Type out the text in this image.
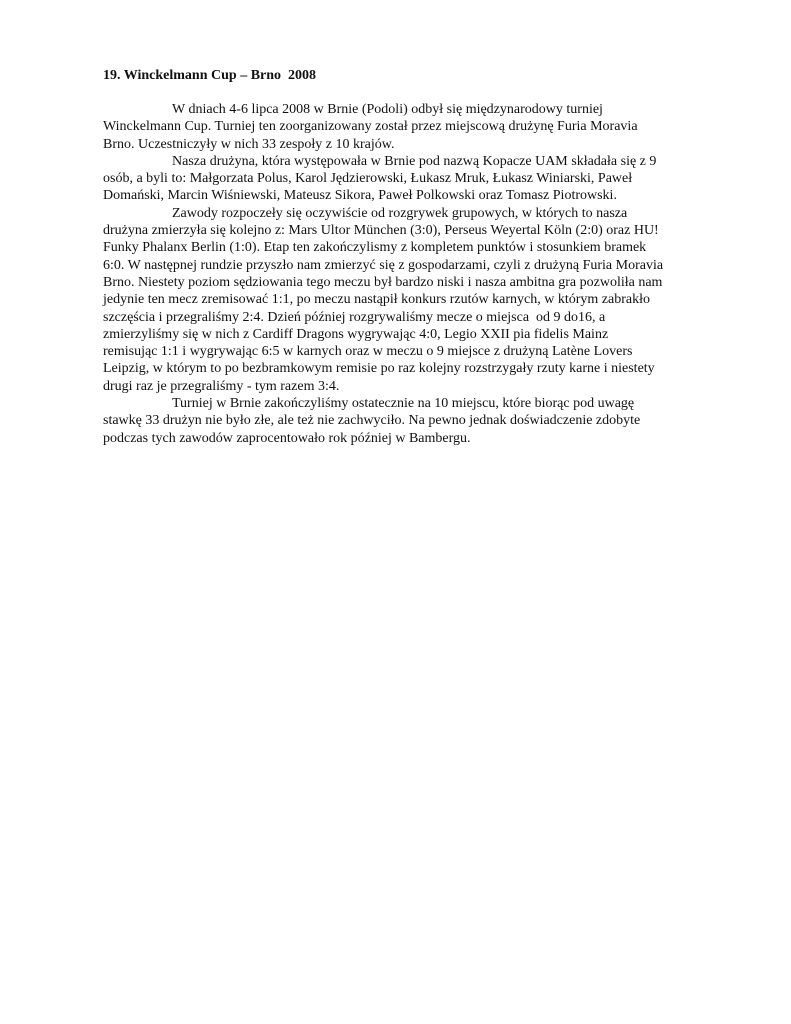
19. Winckelmann Cup – Brno  2008
W dniach 4-6 lipca 2008 w Brnie (Podoli) odbył się międzynarodowy turniej
Winckelmann Cup. Turniej ten zoorganizowany został przez miejscową drużynę Furia Moravia
Brno. Uczestniczyły w nich 33 zespoły z 10 krajów.
Nasza drużyna, która występowała w Brnie pod nazwą Kopacze UAM składała się z 9
osób, a byli to: Małgorzata Polus, Karol Jędzierowski, Łukasz Mruk, Łukasz Winiarski, Paweł
Domański, Marcin Wiśniewski, Mateusz Sikora, Paweł Polkowski oraz Tomasz Piotrowski.
Zawody rozpoczeły się oczywiście od rozgrywek grupowych, w których to nasza
drużyna zmierzyła się kolejno z: Mars Ultor München (3:0), Perseus Weyertal Köln (2:0) oraz HU!
Funky Phalanx Berlin (1:0). Etap ten zakończylismy z kompletem punktów i stosunkiem bramek
6:0. W następnej rundzie przyszło nam zmierzyć się z gospodarzami, czyli z drużyną Furia Moravia
Brno. Niestety poziom sędziowania tego meczu był bardzo niski i nasza ambitna gra pozwoliła nam
jedynie ten mecz zremisować 1:1, po meczu nastąpił konkurs rzutów karnych, w którym zabrakło
szczęścia i przegraliśmy 2:4. Dzień później rozgrywaliśmy mecze o miejsca  od 9 do16, a
zmierzyliśmy się w nich z Cardiff Dragons wygrywając 4:0, Legio XXII pia fidelis Mainz
remisując 1:1 i wygrywając 6:5 w karnych oraz w meczu o 9 miejsce z drużyną Latène Lovers
Leipzig, w którym to po bezbramkowym remisie po raz kolejny rozstrzygały rzuty karne i niestety
drugi raz je przegraliśmy - tym razem 3:4.
Turniej w Brnie zakończyliśmy ostatecznie na 10 miejscu, które biorąc pod uwagę
stawkę 33 drużyn nie było złe, ale też nie zachwyciło. Na pewno jednak doświadczenie zdobyte
podczas tych zawodów zaprocentowało rok później w Bambergu.
